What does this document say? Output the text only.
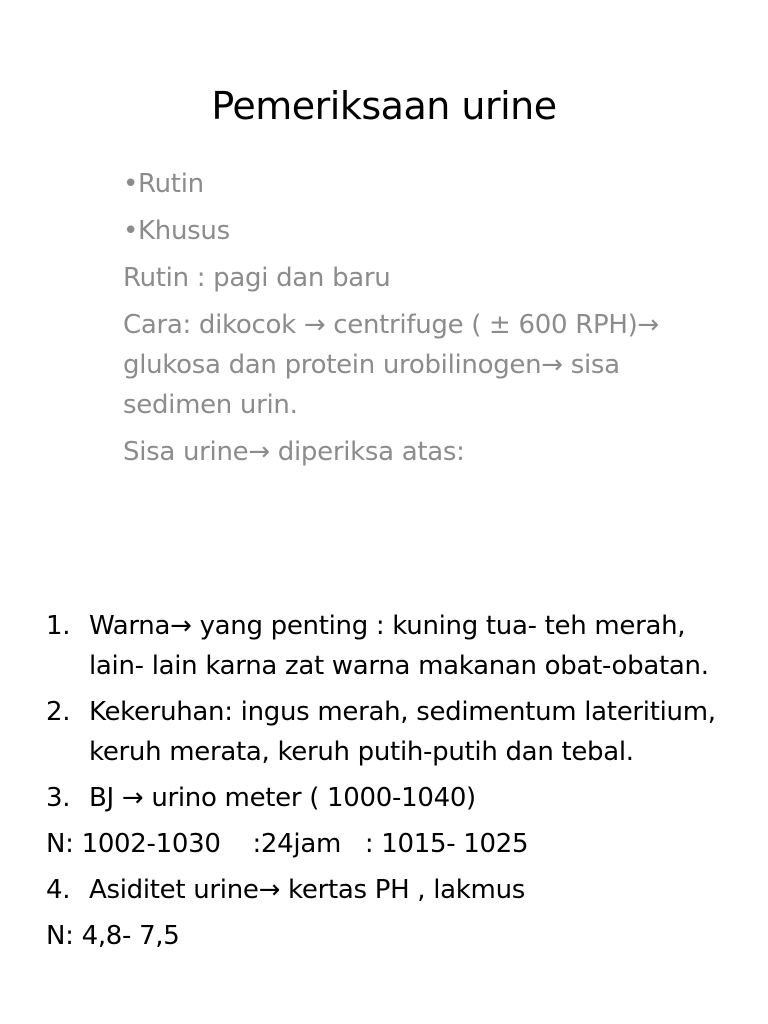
Pemeriksaan urine

•Rutin

•Khusus

Rutin : pagi dan baru

Cara: dikocok → centrifuge ( ± 600 RPH)→ glukosa dan protein urobilinogen→ sisa sedimen urin.

Sisa urine→ diperiksa atas:

1. Warna→ yang penting : kuning tua- teh merah, lain- lain karna zat warna makanan obat-obatan.
2. Kekeruhan: ingus merah, sedimentum lateritium, keruh merata, keruh putih-putih dan tebal.
3. BJ → urino meter ( 1000-1040)
N: 1002-1030    :24jam   : 1015- 1025
4. Asiditet urine→ kertas PH , lakmus
N: 4,8- 7,5
